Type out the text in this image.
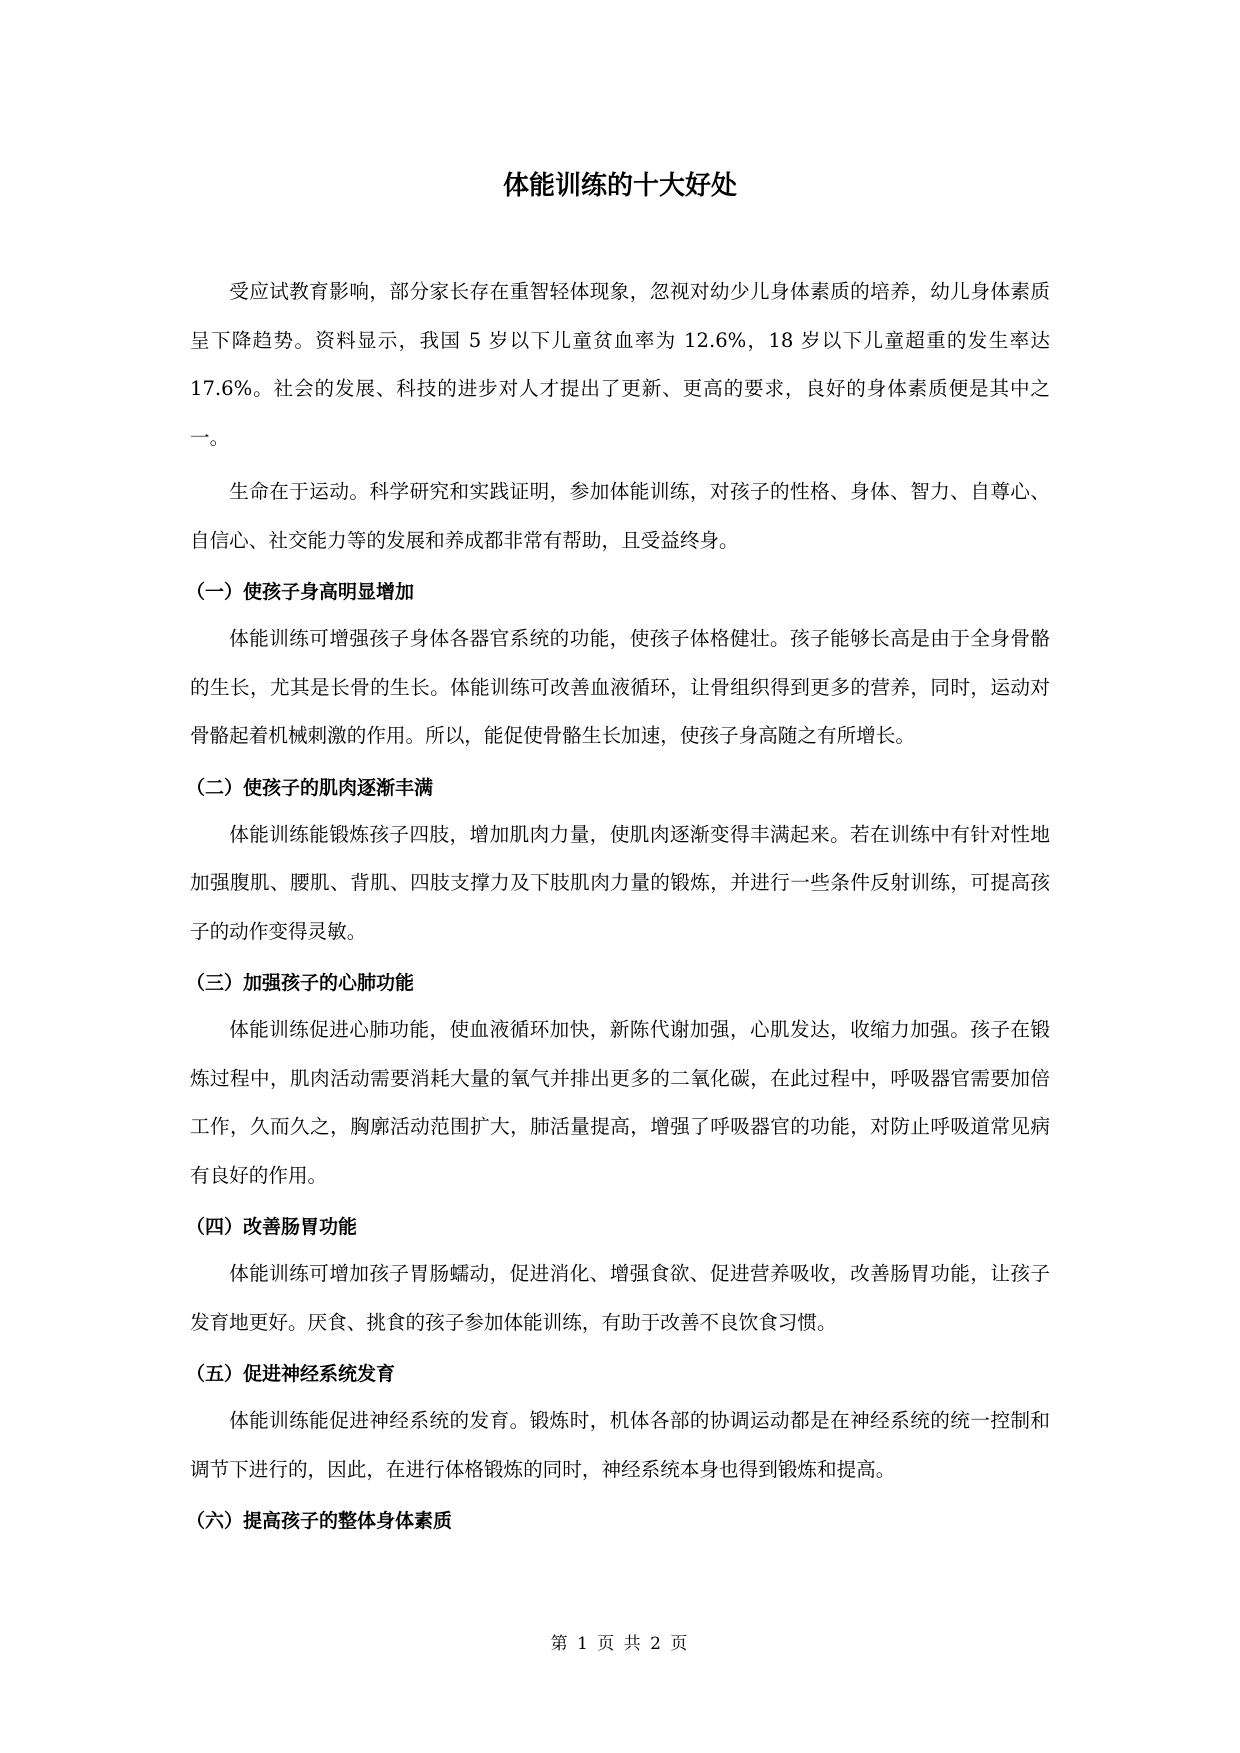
体能训练的十大好处

受应试教育影响，部分家长存在重智轻体现象，忽视对幼少儿身体素质的培养，幼儿身体素质呈下降趋势。资料显示，我国 5 岁以下儿童贫血率为 12.6%，18 岁以下儿童超重的发生率达 17.6%。社会的发展、科技的进步对人才提出了更新、更高的要求，良好的身体素质便是其中之一。

生命在于运动。科学研究和实践证明，参加体能训练，对孩子的性格、身体、智力、自尊心、自信心、社交能力等的发展和养成都非常有帮助，且受益终身。

（一）使孩子身高明显增加

体能训练可增强孩子身体各器官系统的功能，使孩子体格健壮。孩子能够长高是由于全身骨骼的生长，尤其是长骨的生长。体能训练可改善血液循环，让骨组织得到更多的营养，同时，运动对骨骼起着机械刺激的作用。所以，能促使骨骼生长加速，使孩子身高随之有所增长。

（二）使孩子的肌肉逐渐丰满

体能训练能锻炼孩子四肢，增加肌肉力量，使肌肉逐渐变得丰满起来。若在训练中有针对性地加强腹肌、腰肌、背肌、四肢支撑力及下肢肌肉力量的锻炼，并进行一些条件反射训练，可提高孩子的动作变得灵敏。

（三）加强孩子的心肺功能

体能训练促进心肺功能，使血液循环加快，新陈代谢加强，心肌发达，收缩力加强。孩子在锻炼过程中，肌肉活动需要消耗大量的氧气并排出更多的二氧化碳，在此过程中，呼吸器官需要加倍工作，久而久之，胸廓活动范围扩大，肺活量提高，增强了呼吸器官的功能，对防止呼吸道常见病有良好的作用。

（四）改善肠胃功能

体能训练可增加孩子胃肠蠕动，促进消化、增强食欲、促进营养吸收，改善肠胃功能，让孩子发育地更好。厌食、挑食的孩子参加体能训练，有助于改善不良饮食习惯。

（五）促进神经系统发育

体能训练能促进神经系统的发育。锻炼时，机体各部的协调运动都是在神经系统的统一控制和调节下进行的，因此，在进行体格锻炼的同时，神经系统本身也得到锻炼和提高。

（六）提高孩子的整体身体素质

第 1 页 共 2 页
